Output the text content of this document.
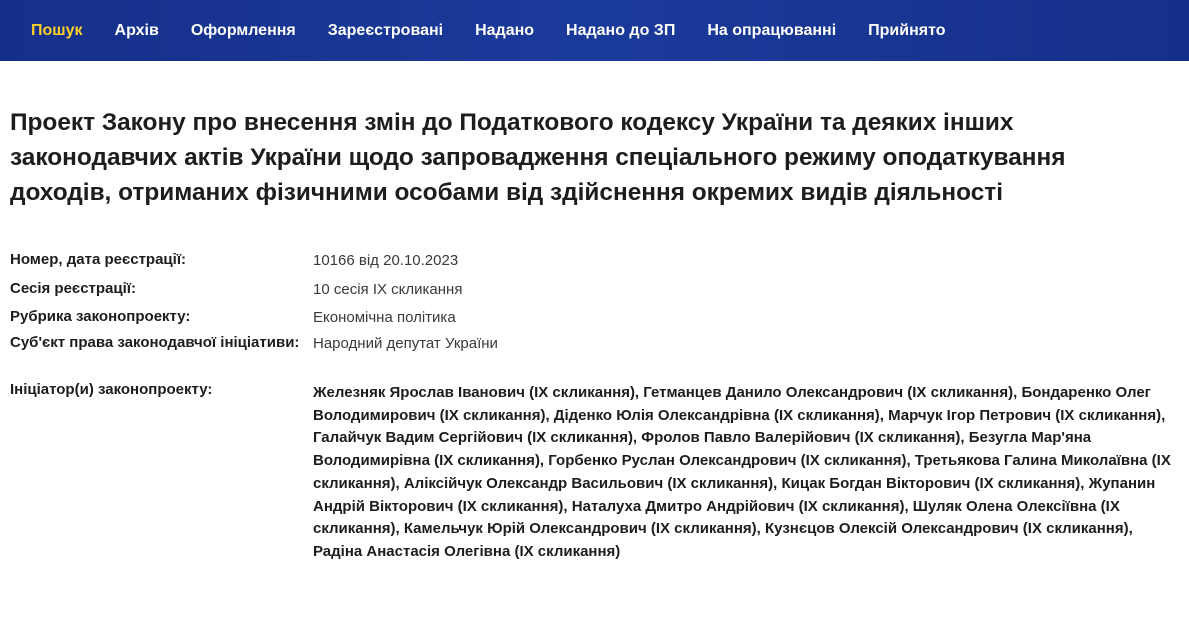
Пошук Архів Оформлення Зареєстровані Надано Надано до ЗП На опрацюванні Прийнято
Проект Закону про внесення змін до Податкового кодексу України та деяких інших законодавчих актів України щодо запровадження спеціального режиму оподаткування доходів, отриманих фізичними особами від здійснення окремих видів діяльності
Номер, дата реєстрації:	10166 від 20.10.2023
Сесія реєстрації:	10 сесія IX скликання
Рубрика законопроекту:	Економічна політика
Суб'єкт права законодавчої ініціативи: Народний депутат України
Ініціатор(и) законопроекту:	Железняк Ярослав Іванович (IX скликання), Гетманцев Данило Олександрович (IX скликання), Бондаренко Олег Володимирович (IX скликання), Діденко Юлія Олександрівна (IX скликання), Марчук Ігор Петрович (IX скликання), Галайчук Вадим Сергійович (IX скликання), Фролов Павло Валерійович (IX скликання), Безугла Мар'яна Володимирівна (IX скликання), Горбенко Руслан Олександрович (IX скликання), Третьякова Галина Миколаївна (IX скликання), Аліксійчук Олександр Васильович (IX скликання), Кицак Богдан Вікторович (IX скликання), Жупанин Андрій Вікторович (IX скликання), Наталуха Дмитро Андрійович (IX скликання), Шуляк Олена Олексіївна (IX скликання), Камельчук Юрій Олександрович (IX скликання), Кузнєцов Олексій Олександрович (IX скликання), Радіна Анастасія Олегівна (IX скликання)
